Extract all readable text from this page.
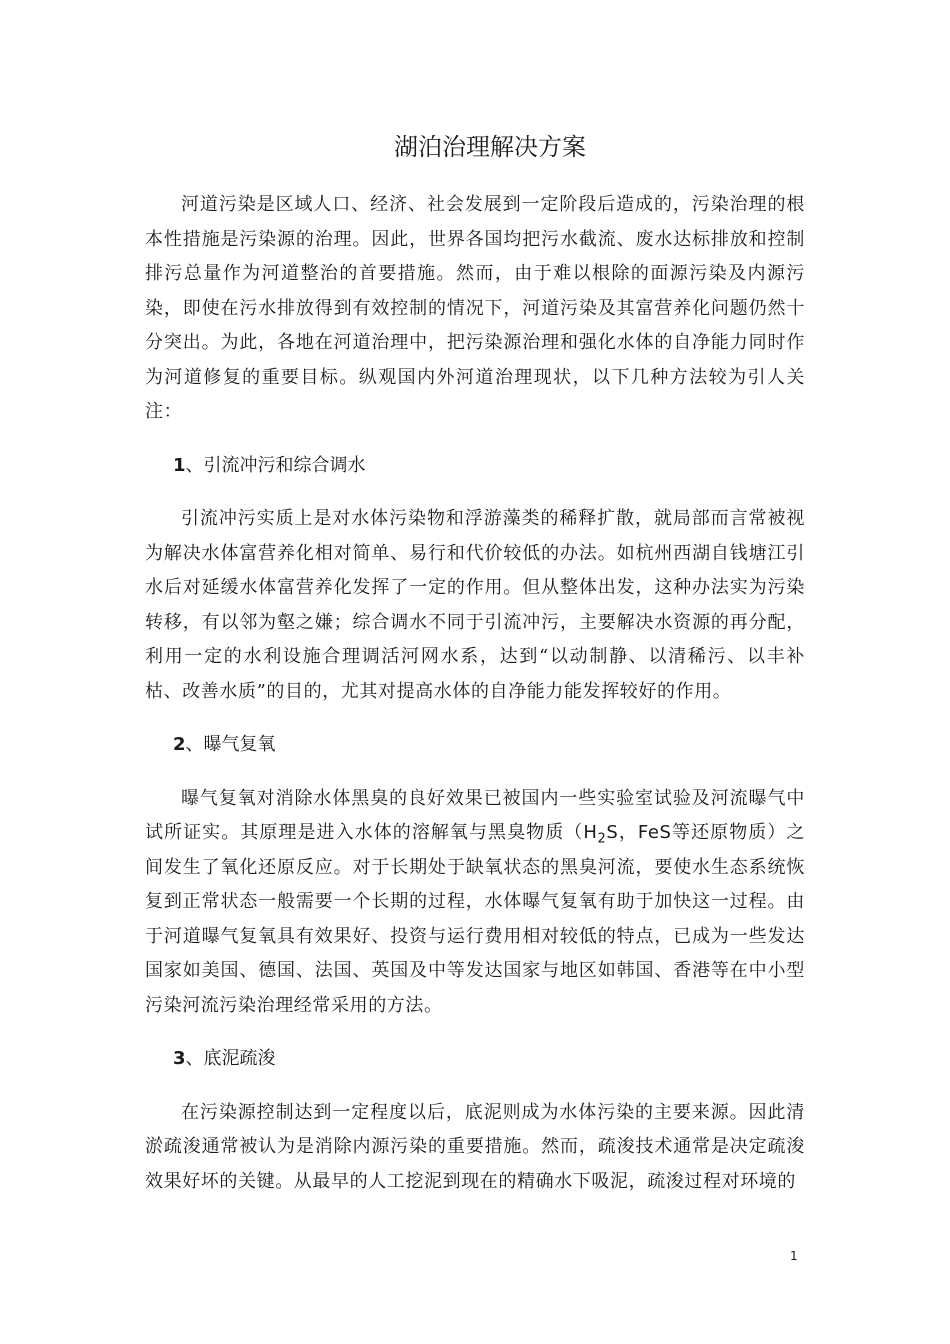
湖泊治理解决方案

河道污染是区域人口、经济、社会发展到一定阶段后造成的，污染治理的根本性措施是污染源的治理。因此，世界各国均把污水截流、废水达标排放和控制排污总量作为河道整治的首要措施。然而，由于难以根除的面源污染及内源污染，即使在污水排放得到有效控制的情况下，河道污染及其富营养化问题仍然十分突出。为此，各地在河道治理中，把污染源治理和强化水体的自净能力同时作为河道修复的重要目标。纵观国内外河道治理现状，以下几种方法较为引人关注：

1、引流冲污和综合调水

引流冲污实质上是对水体污染物和浮游藻类的稀释扩散，就局部而言常被视为解决水体富营养化相对简单、易行和代价较低的办法。如杭州西湖自钱塘江引水后对延缓水体富营养化发挥了一定的作用。但从整体出发，这种办法实为污染转移，有以邻为壑之嫌；综合调水不同于引流冲污，主要解决水资源的再分配，利用一定的水利设施合理调活河网水系，达到“以动制静、以清稀污、以丰补枯、改善水质”的目的，尤其对提高水体的自净能力能发挥较好的作用。

2、曝气复氧

曝气复氧对消除水体黑臭的良好效果已被国内一些实验室试验及河流曝气中试所证实。其原理是进入水体的溶解氧与黑臭物质（$H_2S$，FeS等还原物质）之间发生了氧化还原反应。对于长期处于缺氧状态的黑臭河流，要使水生态系统恢复到正常状态一般需要一个长期的过程，水体曝气复氧有助于加快这一过程。由于河道曝气复氧具有效果好、投资与运行费用相对较低的特点，已成为一些发达国家如美国、德国、法国、英国及中等发达国家与地区如韩国、香港等在中小型污染河流污染治理经常采用的方法。

3、底泥疏浚

在污染源控制达到一定程度以后，底泥则成为水体污染的主要来源。因此清淤疏浚通常被认为是消除内源污染的重要措施。然而，疏浚技术通常是决定疏浚效果好坏的关键。从最早的人工挖泥到现在的精确水下吸泥，疏浚过程对环境的

1
